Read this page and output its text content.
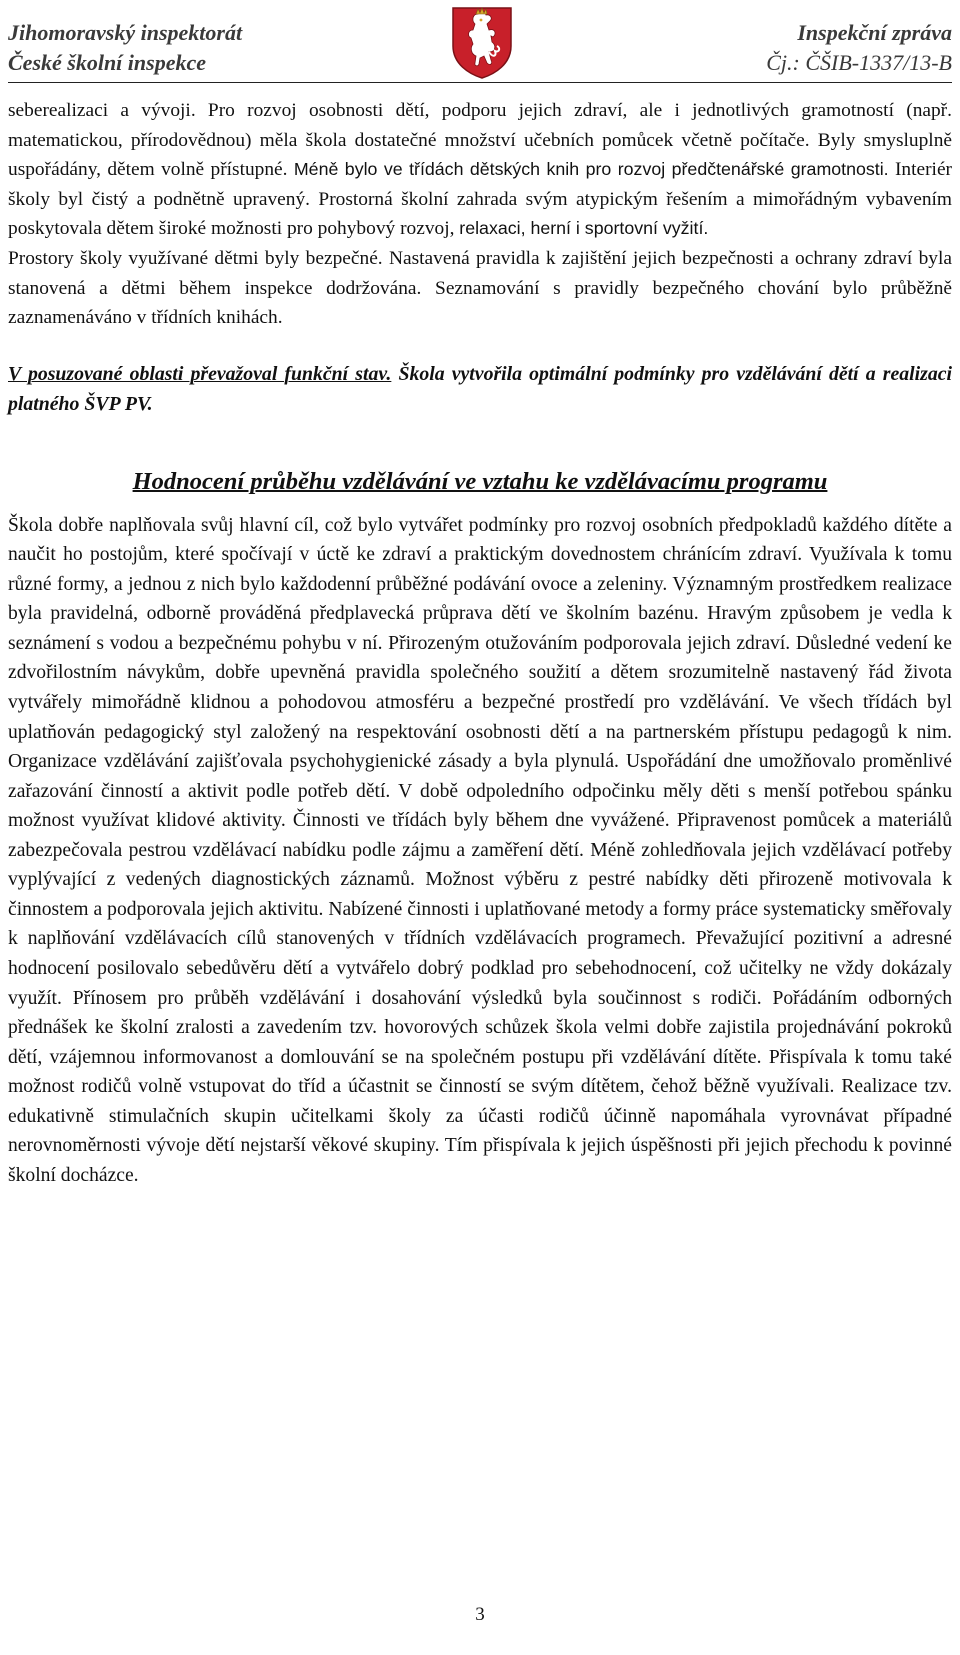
Jihomoravský inspektorát
České školní inspekce
Inspekční zpráva
Čj.: ČŠIB-1337/13-B

seberealizaci a vývoji. Pro rozvoj osobnosti dětí, podporu jejich zdraví, ale i jednotlivých gramotností (např. matematickou, přírodovědnou) měla škola dostatečné množství učebních pomůcek včetně počítače. Byly smysluplně uspořádány, dětem volně přístupné. Méně bylo ve třídách dětských knih pro rozvoj předčtenářské gramotnosti. Interiér školy byl čistý a podnětně upravený. Prostorná školní zahrada svým atypickým řešením a mimořádným vybavením poskytovala dětem široké možnosti pro pohybový rozvoj, relaxaci, herní i sportovní vyžití.

Prostory školy využívané dětmi byly bezpečné. Nastavená pravidla k zajištění jejich bezpečnosti a ochrany zdraví byla stanovená a dětmi během inspekce dodržována. Seznamování s pravidly bezpečného chování bylo průběžně zaznamenáváno v třídních knihách.

V posuzované oblasti převažoval funkční stav. Škola vytvořila optimální podmínky pro vzdělávání dětí a realizaci platného ŠVP PV.

Hodnocení průběhu vzdělávání ve vztahu ke vzdělávacímu programu

Škola dobře naplňovala svůj hlavní cíl, což bylo vytvářet podmínky pro rozvoj osobních předpokladů každého dítěte a naučit ho postojům, které spočívají v úctě ke zdraví a praktickým dovednostem chránícím zdraví. Využívala k tomu různé formy, a jednou z nich bylo každodenní průběžné podávání ovoce a zeleniny. Významným prostředkem realizace byla pravidelná, odborně prováděná předplavecká průprava dětí ve školním bazénu. Hravým způsobem je vedla k seznámení s vodou a bezpečnému pohybu v ní. Přirozeným otužováním podporovala jejich zdraví. Důsledné vedení ke zdvořilostním návykům, dobře upevněná pravidla společného soužití a dětem srozumitelně nastavený řád života vytvářely mimořádně klidnou a pohodovou atmosféru a bezpečné prostředí pro vzdělávání. Ve všech třídách byl uplatňován pedagogický styl založený na respektování osobnosti dětí a na partnerském přístupu pedagogů k nim. Organizace vzdělávání zajišťovala psychohygienické zásady a byla plynulá. Uspořádání dne umožňovalo proměnlivé zařazování činností a aktivit podle potřeb dětí. V době odpoledního odpočinku měly děti s menší potřebou spánku možnost využívat klidové aktivity. Činnosti ve třídách byly během dne vyvážené. Připravenost pomůcek a materiálů zabezpečovala pestrou vzdělávací nabídku podle zájmu a zaměření dětí. Méně zohledňovala jejich vzdělávací potřeby vyplývající z vedených diagnostických záznamů. Možnost výběru z pestré nabídky děti přirozeně motivovala k činnostem a podporovala jejich aktivitu. Nabízené činnosti i uplatňované metody a formy práce systematicky směřovaly k naplňování vzdělávacích cílů stanovených v třídních vzdělávacích programech. Převažující pozitivní a adresné hodnocení posilovalo sebedůvěru dětí a vytvářelo dobrý podklad pro sebehodnocení, což učitelky ne vždy dokázaly využít. Přínosem pro průběh vzdělávání i dosahování výsledků byla součinnost s rodiči. Pořádáním odborných přednášek ke školní zralosti a zavedením tzv. hovorových schůzek škola velmi dobře zajistila projednávání pokroků dětí, vzájemnou informovanost a domlouvání se na společném postupu při vzdělávání dítěte. Přispívala k tomu také možnost rodičů volně vstupovat do tříd a účastnit se činností se svým dítětem, čehož běžně využívali. Realizace tzv. edukativně stimulačních skupin učitelkami školy za účasti rodičů účinně napomáhala vyrovnávat případné nerovnoměrnosti vývoje dětí nejstarší věkové skupiny. Tím přispívala k jejich úspěšnosti při jejich přechodu k povinné školní docházce.

3
